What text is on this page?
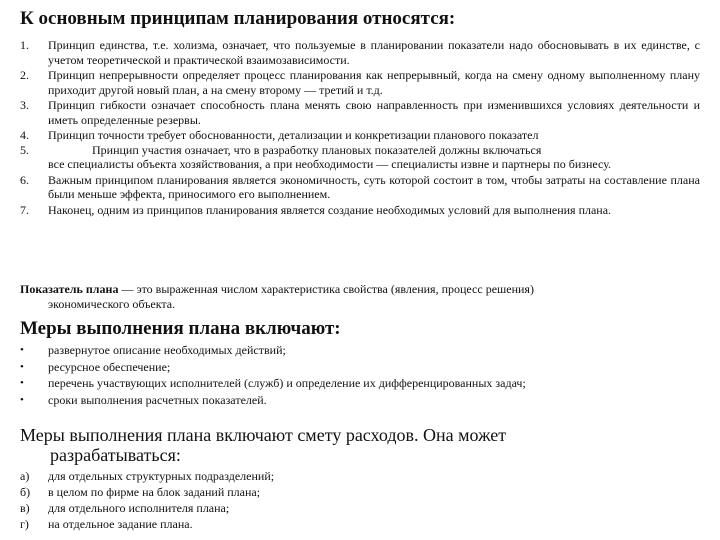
К основным принципам планирования относятся:
1. Принцип единства, т.е. холизма, означает, что пользуемые в планировании показатели надо обосновывать в их единстве, с учетом теоретической и практической взаимозависимости.
2. Принцип непрерывности определяет процесс планирования как непрерывный, когда на смену одному выполненному плану приходит другой новый план, а на смену второму — третий и т.д.
3. Принцип гибкости означает способность плана менять свою направленность при изменившихся условиях деятельности и иметь определенные резервы.
4. Принцип точности требует обоснованности, детализации и конкретизации планового показател
5.	Принцип участия означает, что в разработку плановых показателей должны включаться
все специалисты объекта хозяйствования, а при необходимости — специалисты извне и партнеры по бизнесу.
6. Важным принципом планирования является экономичность, суть которой состоит в том, чтобы затраты на составление плана были меньше эффекта, приносимого его выполнением.
7. Наконец, одним из принципов планирования является создание необходимых условий для выполнения плана.

Показатель плана — это выраженная числом характеристика свойства (явления, процесс решения)
экономического объекта.

Меры выполнения плана включают:
• развернутое описание необходимых действий;
• ресурсное обеспечение;
• перечень участвующих исполнителей (служб) и определение их дифференцированных задач;
• сроки выполнения расчетных показателей.
Меры выполнения плана включают смету расходов. Она может
разрабатываться:
а) для отдельных структурных подразделений;
б) в целом по фирме на блок заданий плана;
в) для отдельного исполнителя плана;
г) на отдельное задание плана.
